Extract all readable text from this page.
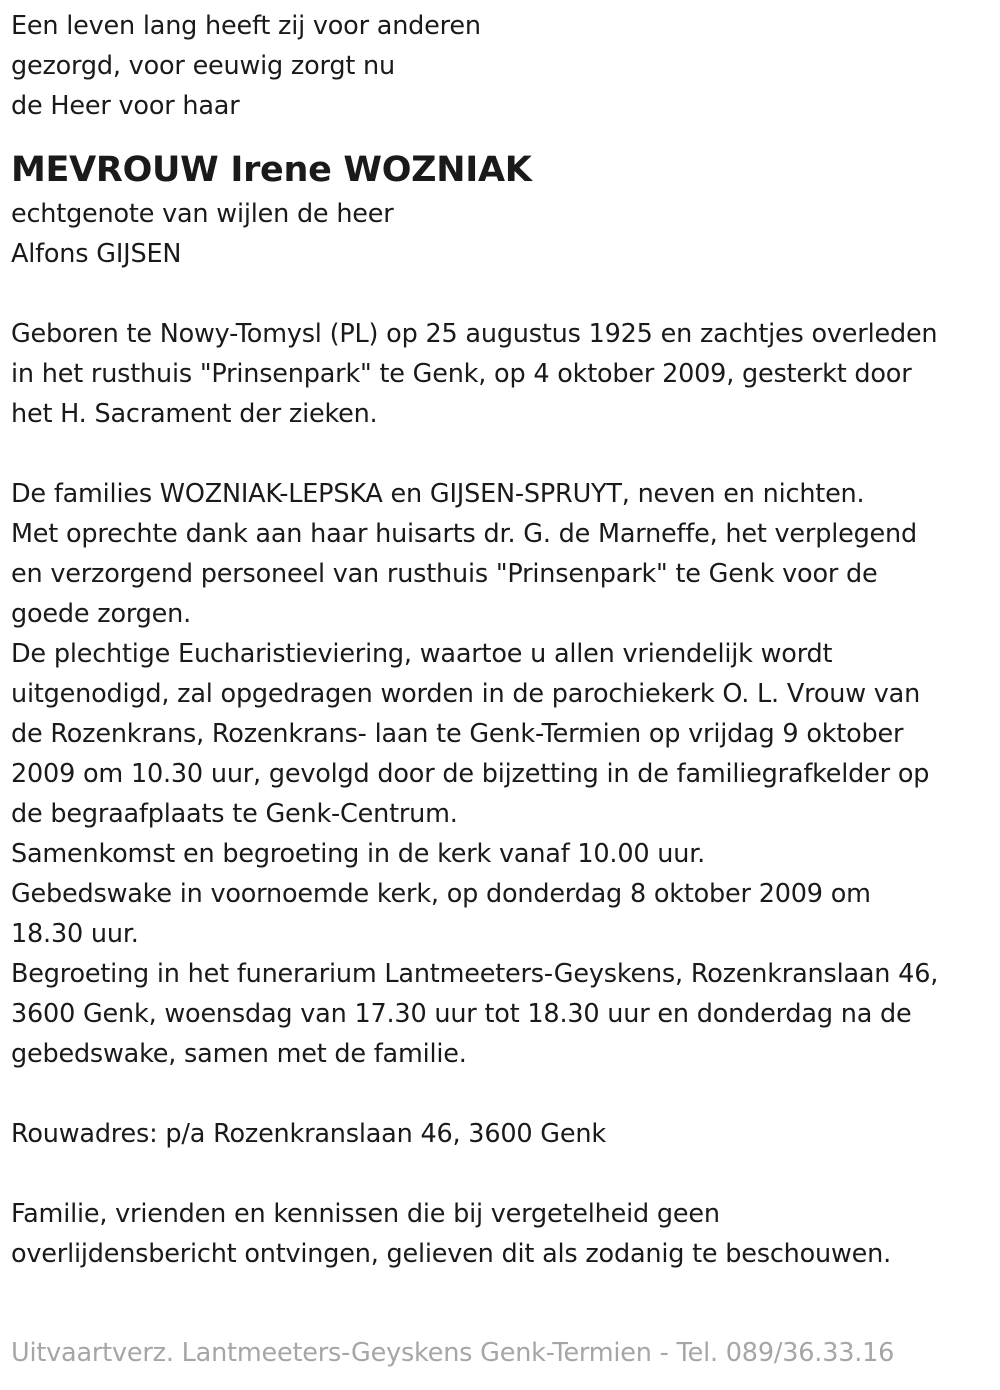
Een leven lang heeft zij voor anderen
gezorgd, voor eeuwig zorgt nu
de Heer voor haar
MEVROUW Irene WOZNIAK
echtgenote van wijlen de heer
Alfons GIJSEN
Geboren te Nowy-Tomysl (PL) op 25 augustus 1925 en zachtjes overleden
in het rusthuis "Prinsenpark" te Genk, op 4 oktober 2009, gesterkt door
het H. Sacrament der zieken.
De families WOZNIAK-LEPSKA en GIJSEN-SPRUYT, neven en nichten.
Met oprechte dank aan haar huisarts dr. G. de Marneffe, het verplegend
en verzorgend personeel van rusthuis "Prinsenpark" te Genk voor de
goede zorgen.
De plechtige Eucharistieviering, waartoe u allen vriendelijk wordt
uitgenodigd, zal opgedragen worden in de parochiekerk O. L. Vrouw van
de Rozenkrans, Rozenkrans- laan te Genk-Termien op vrijdag 9 oktober
2009 om 10.30 uur, gevolgd door de bijzetting in de familiegrafkelder op
de begraafplaats te Genk-Centrum.
Samenkomst en begroeting in de kerk vanaf 10.00 uur.
Gebedswake in voornoemde kerk, op donderdag 8 oktober 2009 om
18.30 uur.
Begroeting in het funerarium Lantmeeters-Geyskens, Rozenkranslaan 46,
3600 Genk, woensdag van 17.30 uur tot 18.30 uur en donderdag na de
gebedswake, samen met de familie.
Rouwadres: p/a Rozenkranslaan 46, 3600 Genk
Familie, vrienden en kennissen die bij vergetelheid geen
overlijdensbericht ontvingen, gelieven dit als zodanig te beschouwen.
Uitvaartverz. Lantmeeters-Geyskens Genk-Termien - Tel. 089/36.33.16
